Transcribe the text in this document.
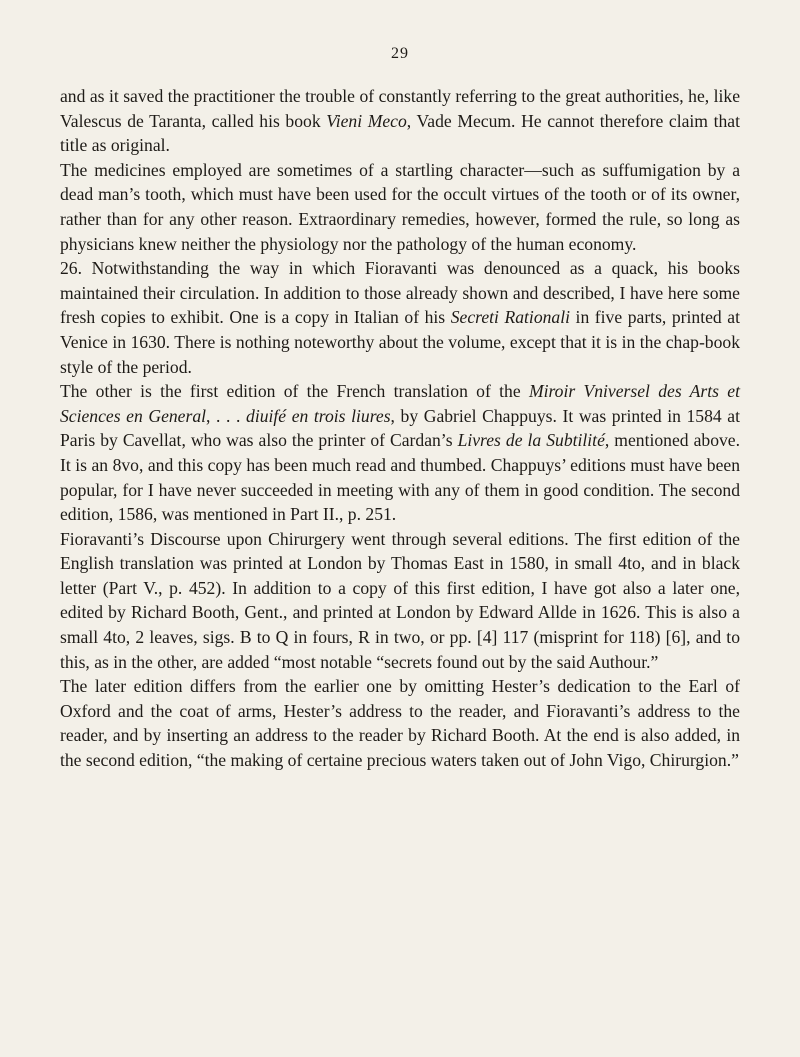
29

and as it saved the practitioner the trouble of constantly referring to the great authorities, he, like Valescus de Taranta, called his book Vieni Meco, Vade Mecum. He cannot therefore claim that title as original.

The medicines employed are sometimes of a startling character—such as suffumigation by a dead man’s tooth, which must have been used for the occult virtues of the tooth or of its owner, rather than for any other reason. Extraordinary remedies, however, formed the rule, so long as physicians knew neither the physiology nor the pathology of the human economy.

26. Notwithstanding the way in which Fioravanti was denounced as a quack, his books maintained their circulation. In addition to those already shown and described, I have here some fresh copies to exhibit. One is a copy in Italian of his Secreti Rationali in five parts, printed at Venice in 1630. There is nothing noteworthy about the volume, except that it is in the chap-book style of the period.

The other is the first edition of the French translation of the Miroir Vniversel des Arts et Sciences en General, . . . diuifé en trois liures, by Gabriel Chappuys. It was printed in 1584 at Paris by Cavellat, who was also the printer of Cardan’s Livres de la Subtilité, mentioned above. It is an 8vo, and this copy has been much read and thumbed. Chappuys’ editions must have been popular, for I have never succeeded in meeting with any of them in good condition. The second edition, 1586, was mentioned in Part II., p. 251.

Fioravanti’s Discourse upon Chirurgery went through several editions. The first edition of the English translation was printed at London by Thomas East in 1580, in small 4to, and in black letter (Part V., p. 452). In addition to a copy of this first edition, I have got also a later one, edited by Richard Booth, Gent., and printed at London by Edward Allde in 1626. This is also a small 4to, 2 leaves, sigs. B to Q in fours, R in two, or pp. [4] 117 (misprint for 118) [6], and to this, as in the other, are added “most notable “secrets found out by the said Authour.”

The later edition differs from the earlier one by omitting Hester’s dedication to the Earl of Oxford and the coat of arms, Hester’s address to the reader, and Fioravanti’s address to the reader, and by inserting an address to the reader by Richard Booth. At the end is also added, in the second edition, “the making of certaine precious waters taken out of John Vigo, Chirurgion.”
